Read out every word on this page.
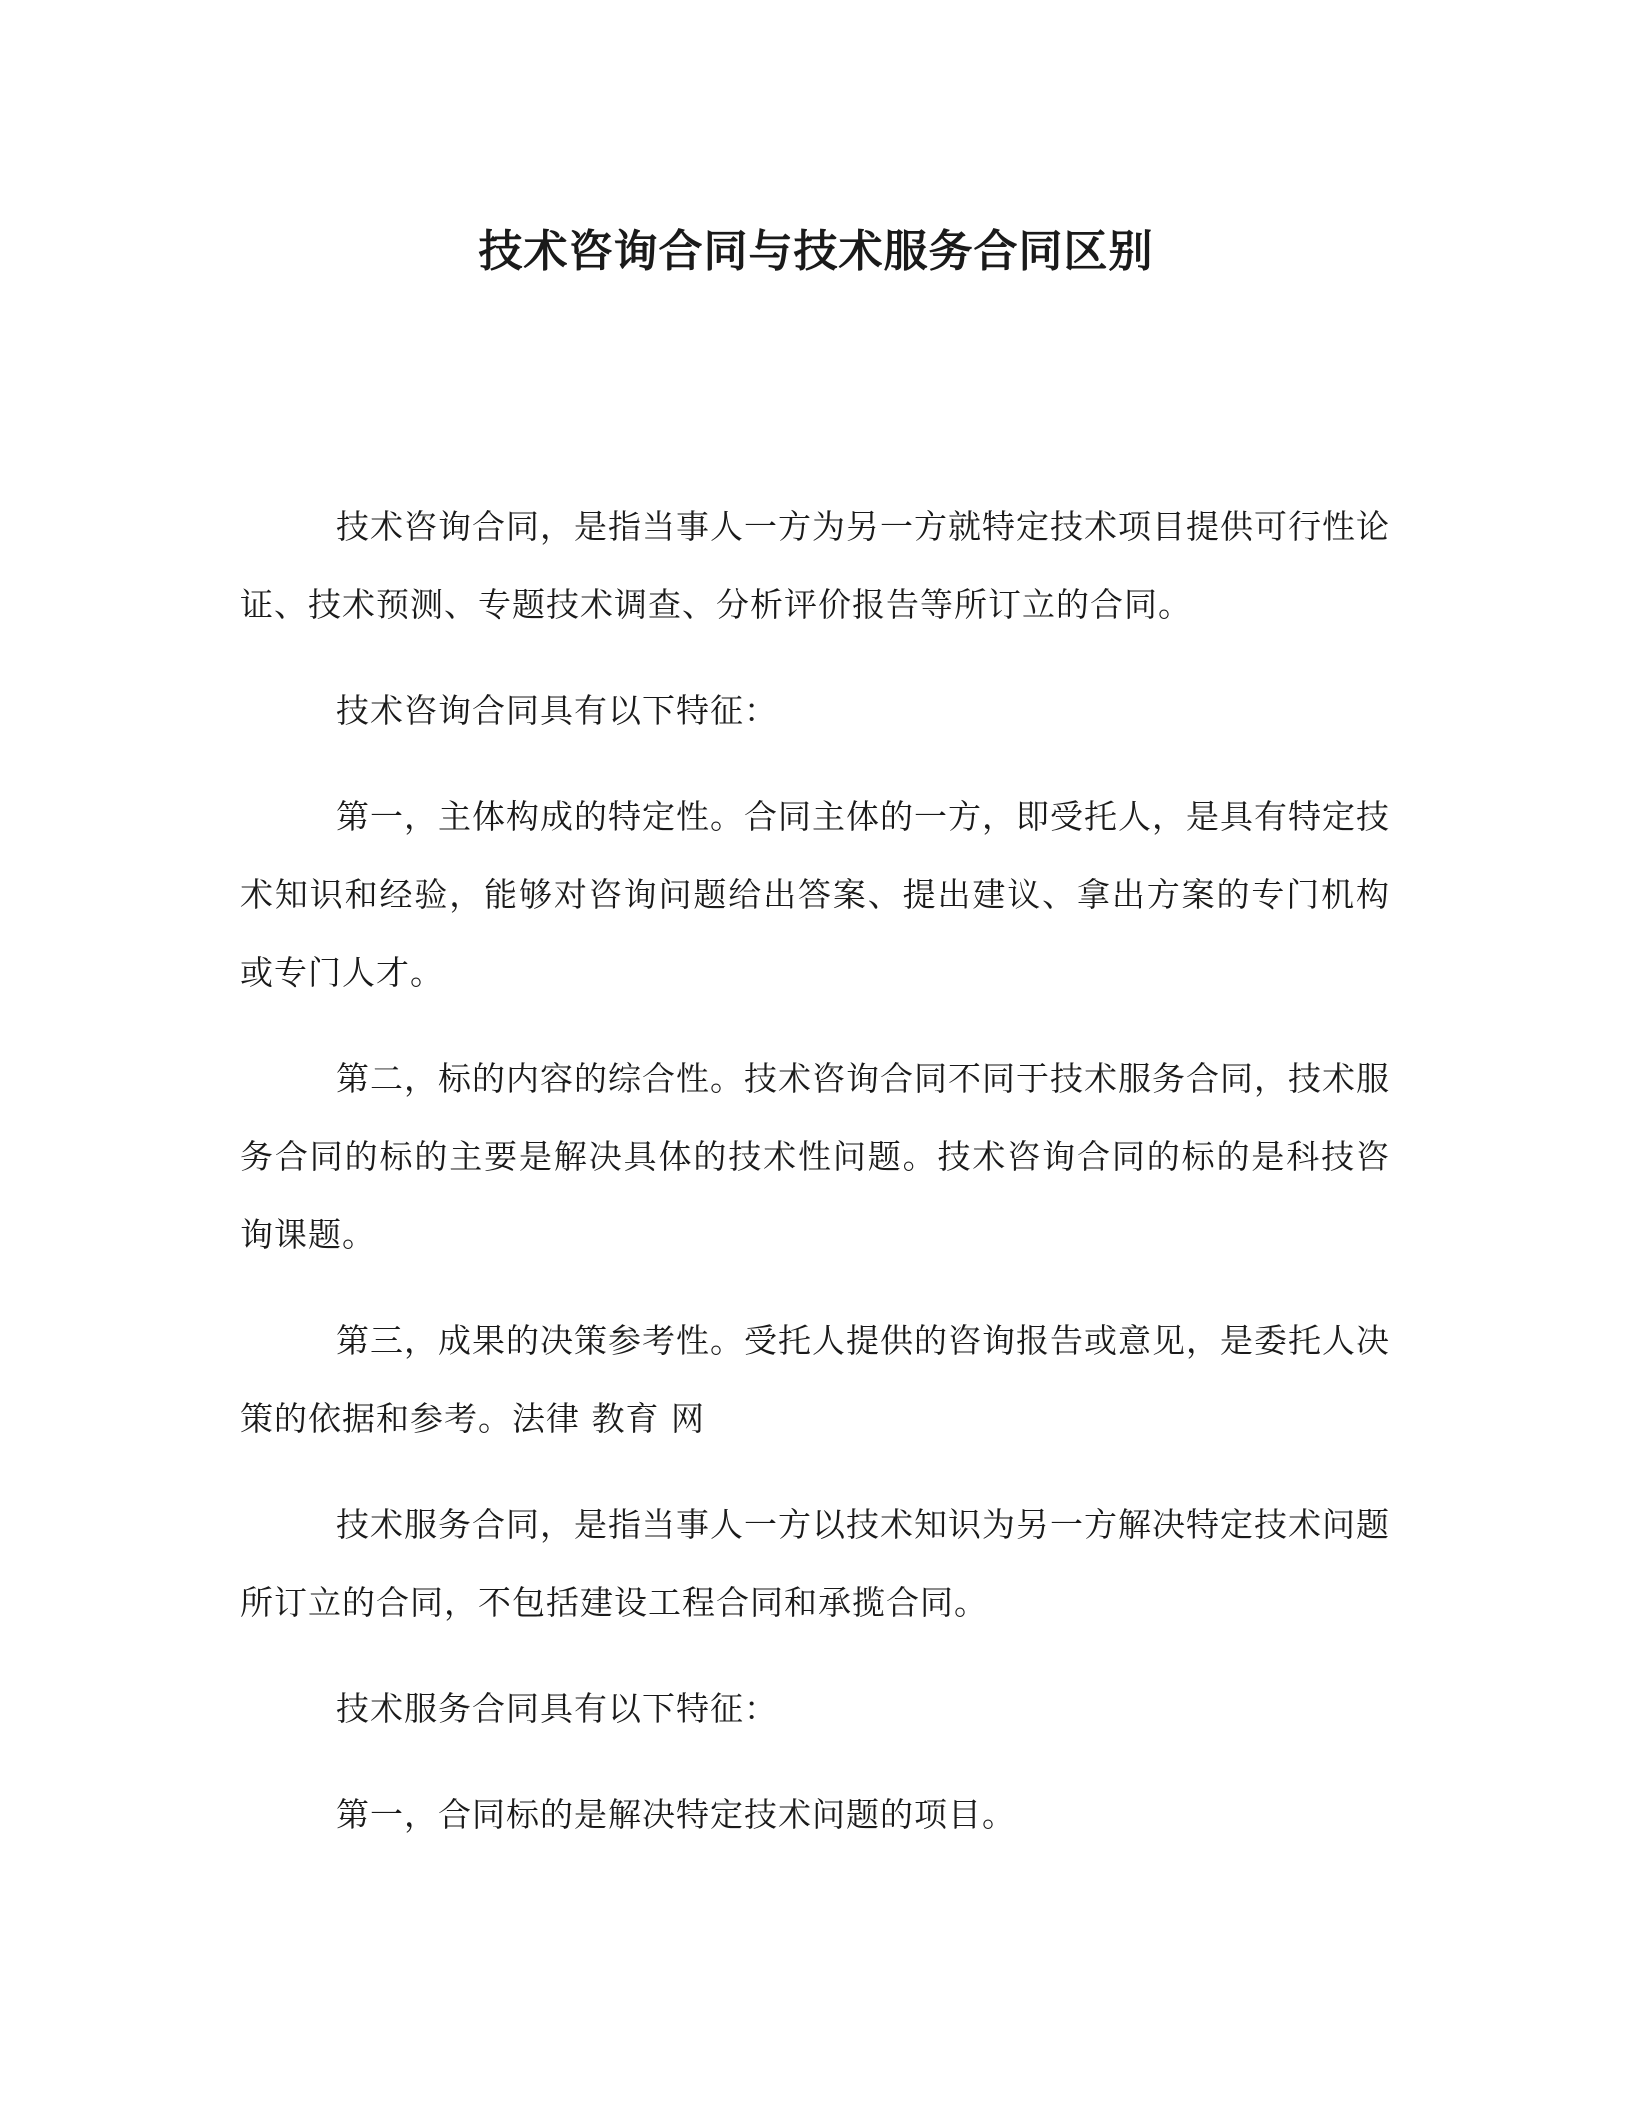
技术咨询合同与技术服务合同区别

技术咨询合同，是指当事人一方为另一方就特定技术项目提供可行性论证、技术预测、专题技术调查、分析评价报告等所订立的合同。

技术咨询合同具有以下特征：

第一，主体构成的特定性。合同主体的一方，即受托人，是具有特定技术知识和经验，能够对咨询问题给出答案、提出建议、拿出方案的专门机构或专门人才。

第二，标的内容的综合性。技术咨询合同不同于技术服务合同，技术服务合同的标的主要是解决具体的技术性问题。技术咨询合同的标的是科技咨询课题。

第三，成果的决策参考性。受托人提供的咨询报告或意见，是委托人决策的依据和参考。法律 教育 网

技术服务合同，是指当事人一方以技术知识为另一方解决特定技术问题所订立的合同，不包括建设工程合同和承揽合同。

技术服务合同具有以下特征：

第一，合同标的是解决特定技术问题的项目。
